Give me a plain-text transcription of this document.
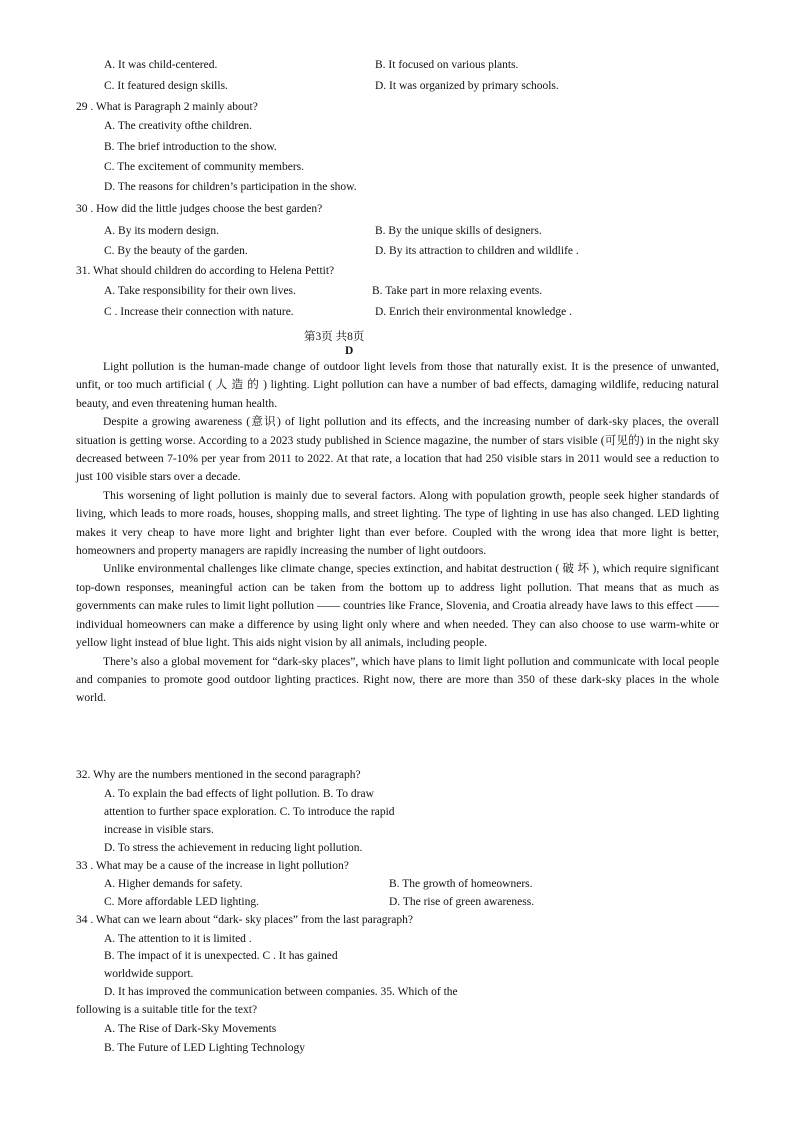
A. It was child-centered.	B. It focused on various plants.
C. It featured design skills.	D. It was organized by primary schools.
29 . What is Paragraph 2 mainly about?
A. The creativity ofthe children.
B. The brief introduction to the show.
C. The excitement of community members.
D. The reasons for children’s participation in the show.
30 . How did the little judges choose the best garden?
A. By its modern design.	B. By the unique skills of designers.
C. By the beauty of the garden.	D. By its attraction to children and wildlife .
31. What should children do according to Helena Pettit?
A. Take responsibility for their own lives.	B. Take part in more relaxing events.
C . Increase their connection with nature.	D. Enrich their environmental knowledge .
第3页 共8页
D

Light pollution is the human-made change of outdoor light levels from those that naturally exist. It is the presence of unwanted, unfit, or too much artificial ( 人 造 的 ) lighting. Light pollution can have a number of bad effects, damaging wildlife, reducing natural beauty, and even threatening human health.

Despite a growing awareness (意识) of light pollution and its effects, and the increasing number of dark-sky places, the overall situation is getting worse. According to a 2023 study published in Science magazine, the number of stars visible (可见的) in the night sky decreased between 7-10% per year from 2011 to 2022. At that rate, a location that had 250 visible stars in 2011 would see a reduction to just 100 visible stars over a decade.

This worsening of light pollution is mainly due to several factors. Along with population growth, people seek higher standards of living, which leads to more roads, houses, shopping malls, and street lighting. The type of lighting in use has also changed. LED lighting makes it very cheap to have more light and brighter light than ever before. Coupled with the wrong idea that more light is better, homeowners and property managers are rapidly increasing the number of light outdoors.

Unlike environmental challenges like climate change, species extinction, and habitat destruction ( 破 坏 ), which require significant top-down responses, meaningful action can be taken from the bottom up to address light pollution. That means that as much as governments can make rules to limit light pollution —— countries like France, Slovenia, and Croatia already have laws to this effect —— individual homeowners can make a difference by using light only where and when needed. They can also choose to use warm-white or yellow light instead of blue light. This aids night vision by all animals, including people.

There’s also a global movement for “dark-sky places”, which have plans to limit light pollution and communicate with local people and companies to promote good outdoor lighting practices. Right now, there are more than 350 of these dark-sky places in the whole world.

32. Why are the numbers mentioned in the second paragraph?
A. To explain the bad effects of light pollution. B. To draw
attention to further space exploration. C. To introduce the rapid
increase in visible stars.
D. To stress the achievement in reducing light pollution.
33 . What may be a cause of the increase in light pollution?
A. Higher demands for safety.	B. The growth of homeowners.
C. More affordable LED lighting.	D. The rise of green awareness.
34 . What can we learn about “dark- sky places” from the last paragraph?
A. The attention to it is limited .
B. The impact of it is unexpected. C . It has gained
worldwide support.
D. It has improved the communication between companies. 35. Which of the
following is a suitable title for the text?
A. The Rise of Dark-Sky Movements
B. The Future of LED Lighting Technology
